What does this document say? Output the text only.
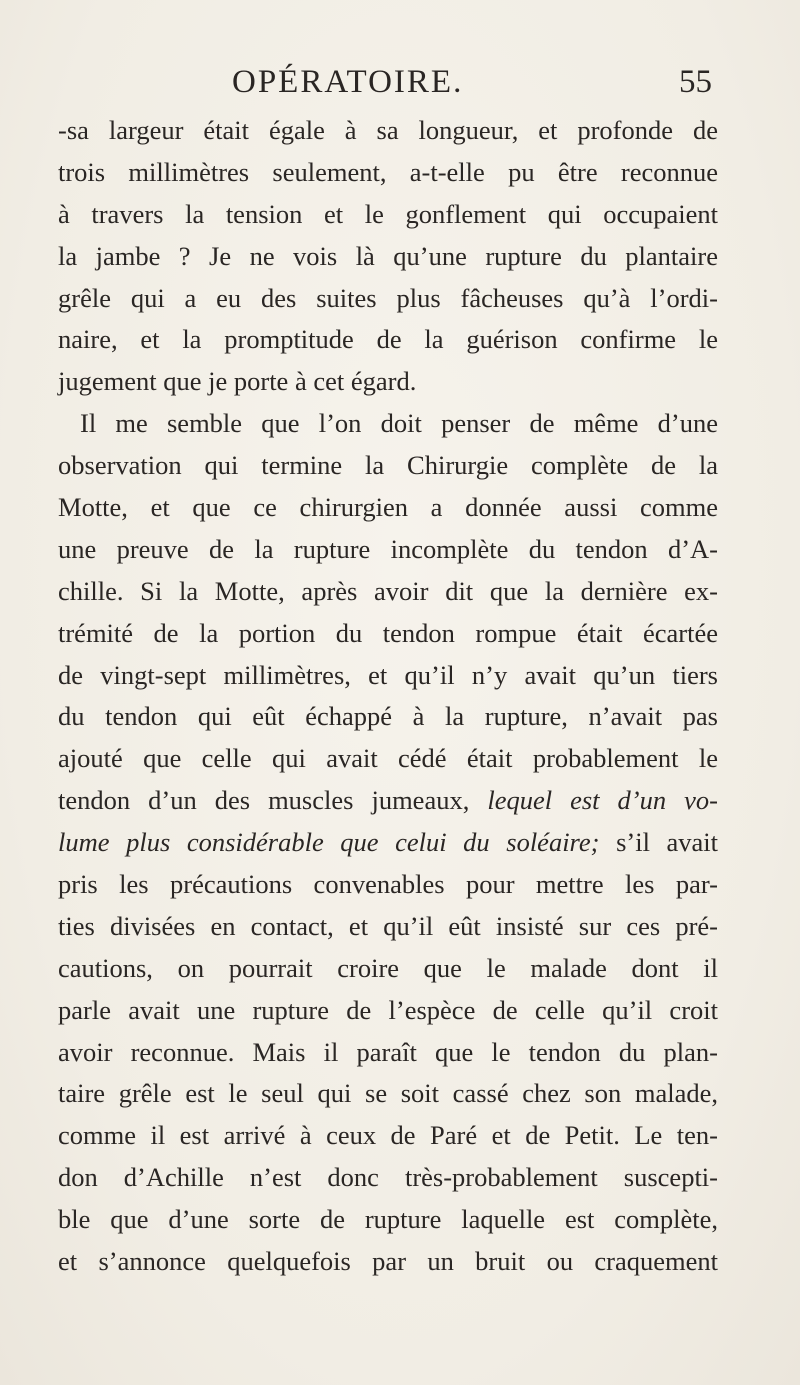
OPÉRATOIRE.	55
-sa largeur était égale à sa longueur, et profonde de
trois millimètres seulement, a-t-elle pu être reconnue
à travers la tension et le gonflement qui occupaient
la jambe ? Je ne vois là qu’une rupture du plantaire
grêle qui a eu des suites plus fâcheuses qu’à l’ordi-
naire, et la promptitude de la guérison confirme le
jugement que je porte à cet égard.
Il me semble que l’on doit penser de même d’une
observation qui termine la Chirurgie complète de la
Motte, et que ce chirurgien a donnée aussi comme
une preuve de la rupture incomplète du tendon d’A-
chille. Si la Motte, après avoir dit que la dernière ex-
trémité de la portion du tendon rompue était écartée
de vingt-sept millimètres, et qu’il n’y avait qu’un tiers
du tendon qui eût échappé à la rupture, n’avait pas
ajouté que celle qui avait cédé était probablement le
tendon d’un des muscles jumeaux, lequel est d’un vo-
lume plus considérable que celui du soléaire; s’il avait
pris les précautions convenables pour mettre les par-
ties divisées en contact, et qu’il eût insisté sur ces pré-
cautions, on pourrait croire que le malade dont il
parle avait une rupture de l’espèce de celle qu’il croit
avoir reconnue. Mais il paraît que le tendon du plan-
taire grêle est le seul qui se soit cassé chez son malade,
comme il est arrivé à ceux de Paré et de Petit. Le ten-
don d’Achille n’est donc très-probablement suscepti-
ble que d’une sorte de rupture laquelle est complète,
et s’annonce quelquefois par un bruit ou craquement
